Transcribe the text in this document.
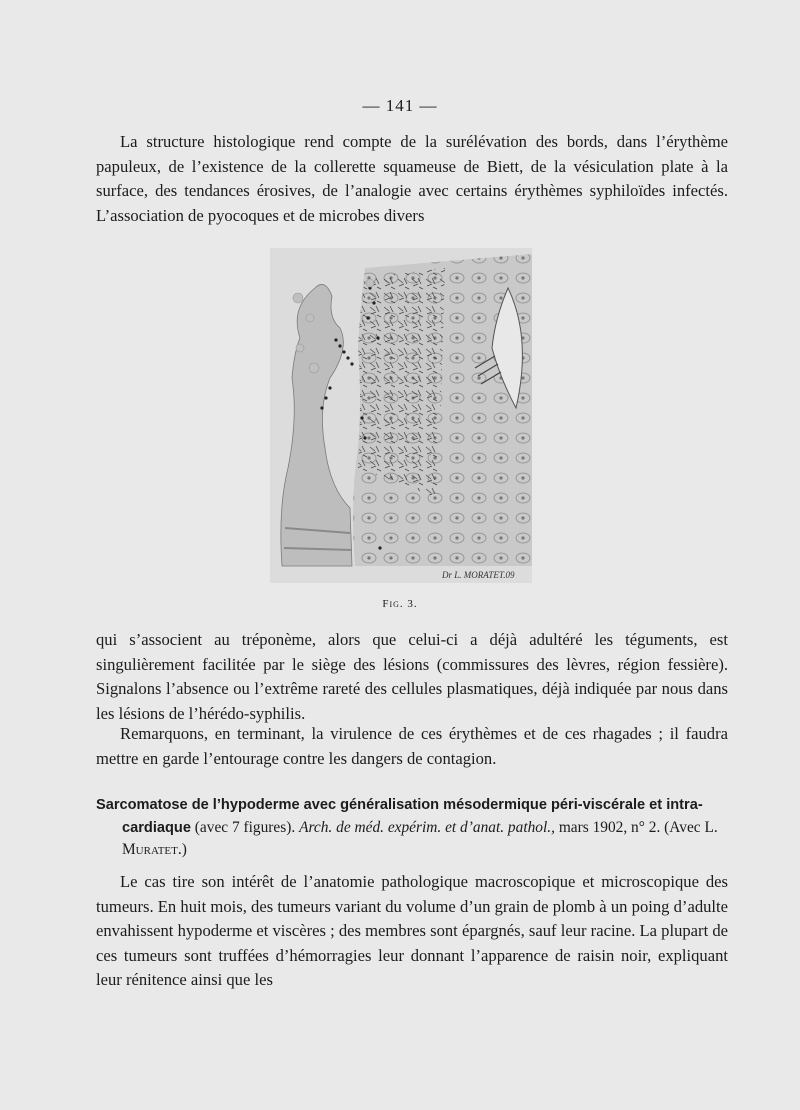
— 141 —

La structure histologique rend compte de la surélévation des bords, dans l’érythème papuleux, de l’existence de la collerette squameuse de Biett, de la vésiculation plate à la surface, des tendances érosives, de l’analogie avec certains érythèmes syphiloïdes infectés. L’association de pyocoques et de microbes divers

Dr L. MORATET.09
Fig. 3.

qui s’associent au tréponème, alors que celui-ci a déjà adultéré les téguments, est singulièrement facilitée par le siège des lésions (commissures des lèvres, région fessière). Signalons l’absence ou l’extrême rareté des cellules plasmatiques, déjà indiquée par nous dans les lésions de l’hérédo-syphilis.

Remarquons, en terminant, la virulence de ces érythèmes et de ces rhagades ; il faudra mettre en garde l’entourage contre les dangers de contagion.

Sarcomatose de l’hypoderme avec généralisation mésodermique péri-viscérale et intra-cardiaque (avec 7 figures). Arch. de méd. expérim. et d’anat. pathol., mars 1902, n° 2. (Avec L. Muratet.)

Le cas tire son intérêt de l’anatomie pathologique macroscopique et microscopique des tumeurs. En huit mois, des tumeurs variant du volume d’un grain de plomb à un poing d’adulte envahissent hypoderme et viscères ; des membres sont épargnés, sauf leur racine. La plupart de ces tumeurs sont truffées d’hémorragies leur donnant l’apparence de raisin noir, expliquant leur rénitence ainsi que les
